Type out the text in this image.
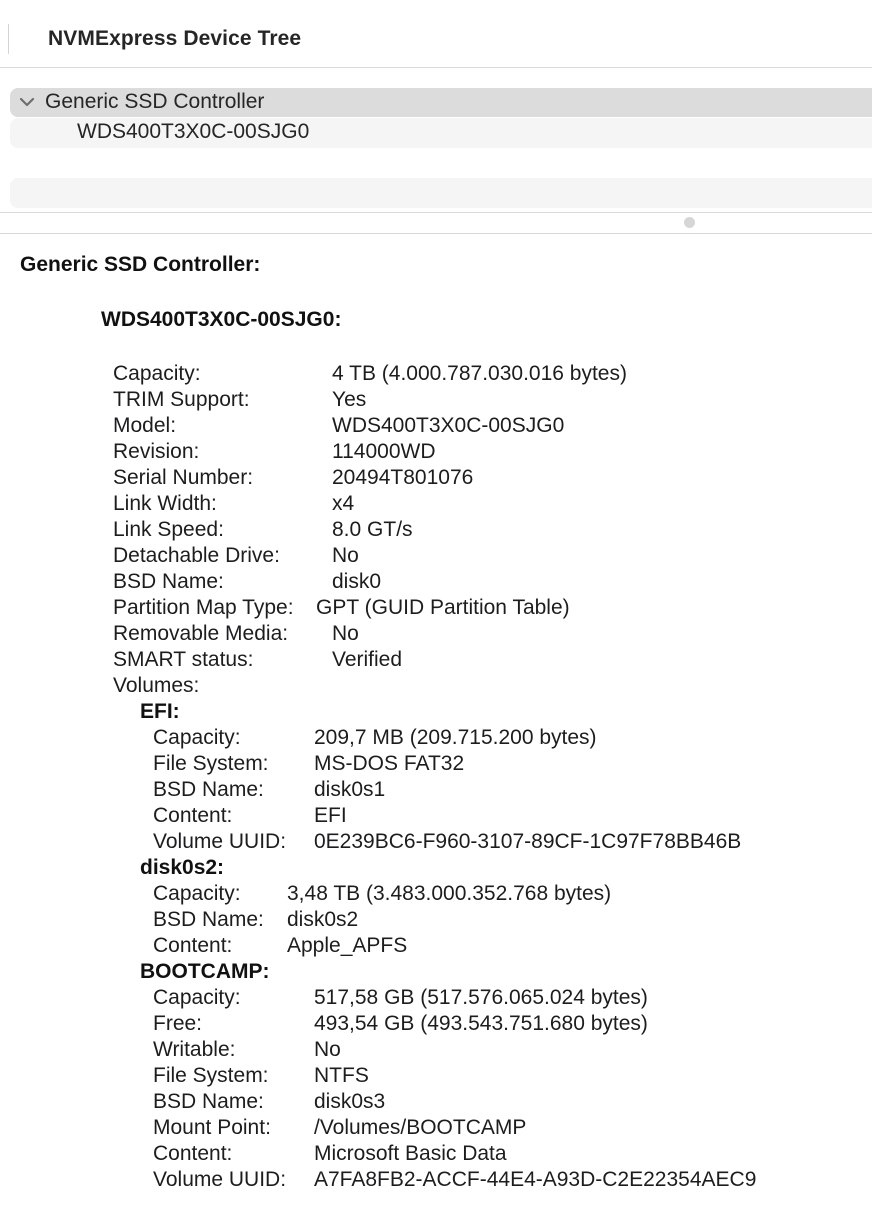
NVMExpress Device Tree
Generic SSD Controller
WDS400T3X0C-00SJG0
Generic SSD Controller:
WDS400T3X0C-00SJG0:
Capacity:	4 TB (4.000.787.030.016 bytes)
TRIM Support:	Yes
Model:	WDS400T3X0C-00SJG0
Revision:	114000WD
Serial Number:	20494T801076
Link Width:	x4
Link Speed:	8.0 GT/s
Detachable Drive: No
BSD Name:	disk0
Partition Map Type: GPT (GUID Partition Table)
Removable Media: No
SMART status:	Verified
Volumes:
EFI:
Capacity:	209,7 MB (209.715.200 bytes)
File System: MS-DOS FAT32
BSD Name: disk0s1
Content:	EFI
Volume UUID: 0E239BC6-F960-3107-89CF-1C97F78BB46B
disk0s2:
Capacity: 3,48 TB (3.483.000.352.768 bytes)
BSD Name: disk0s2
Content:	Apple_APFS
BOOTCAMP:
Capacity:	517,58 GB (517.576.065.024 bytes)
Free:	493,54 GB (493.543.751.680 bytes)
Writable:	No
File System: NTFS
BSD Name: disk0s3
Mount Point: /Volumes/BOOTCAMP
Content:	Microsoft Basic Data
Volume UUID: A7FA8FB2-ACCF-44E4-A93D-C2E22354AEC9
